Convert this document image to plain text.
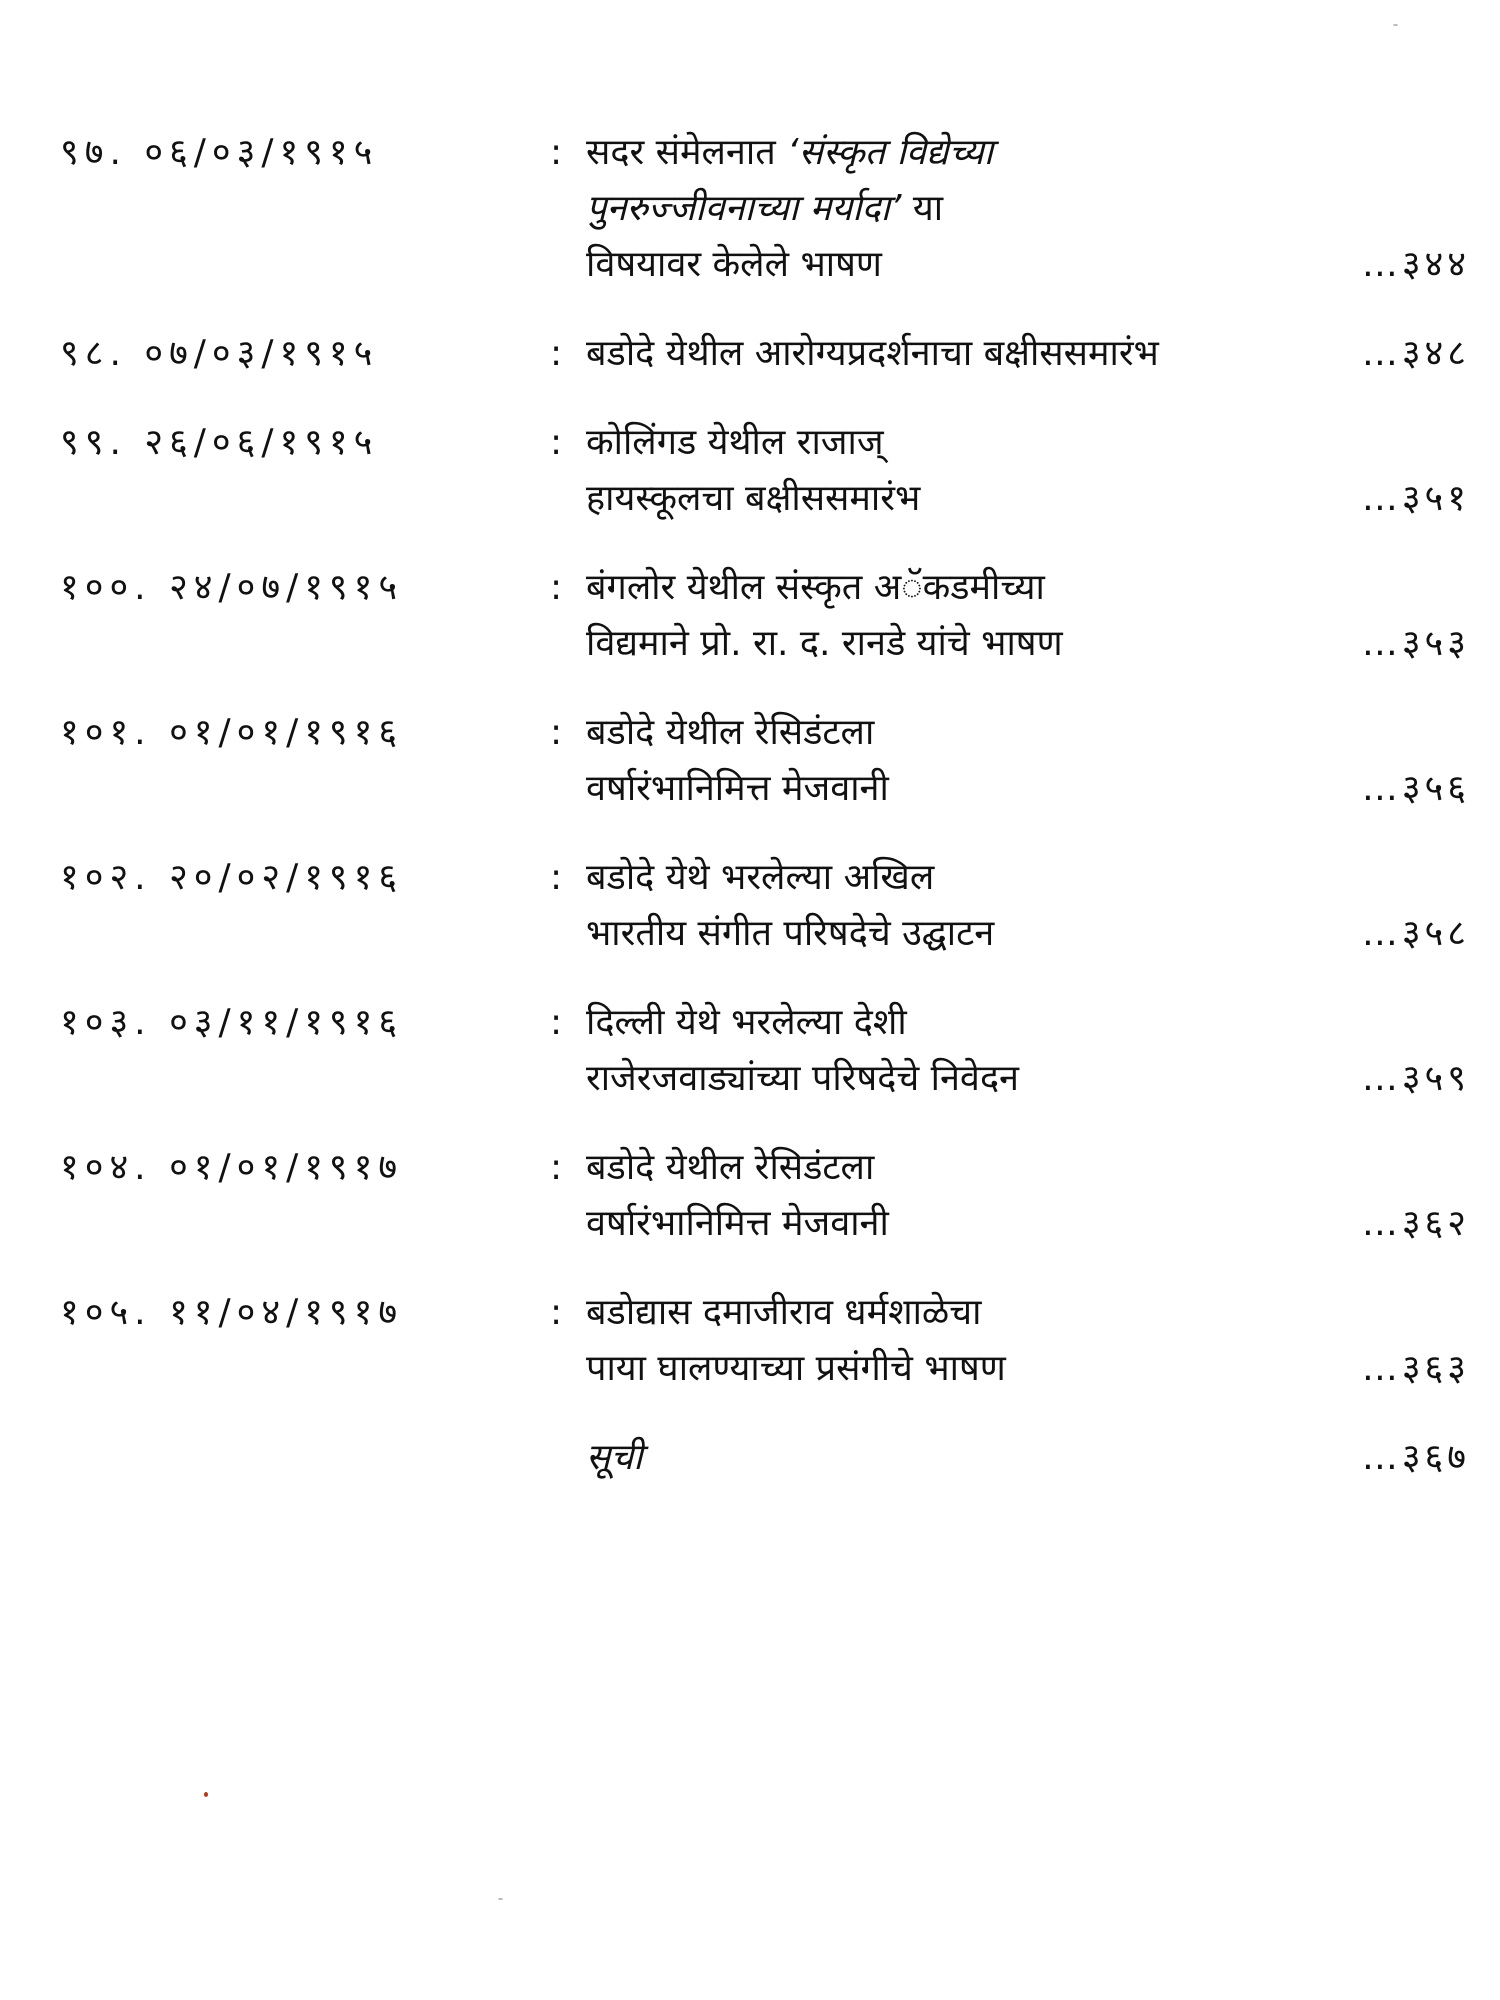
९७. ०६/०३/१९१५	: सदर संमेलनात ‘संस्कृत विद्येच्या
पुनरुज्जीवनाच्या मर्यादा’ या
विषयावर केलेले भाषण	…३४४
९८. ०७/०३/१९१५	: बडोदे येथील आरोग्यप्रदर्शनाचा बक्षीससमारंभ	…३४८
९९. २६/०६/१९१५	: कोलिंगड येथील राजाज्
हायस्कूलचा बक्षीससमारंभ	…३५१
१००. २४/०७/१९१५	: बंगलोर येथील संस्कृत अॅकडमीच्या
विद्यमाने प्रो. रा. द. रानडे यांचे भाषण	…३५३
१०१. ०१/०१/१९१६	: बडोदे येथील रेसिडंटला
वर्षारंभानिमित्त मेजवानी	…३५६
१०२. २०/०२/१९१६	: बडोदे येथे भरलेल्या अखिल
भारतीय संगीत परिषदेचे उद्घाटन	…३५८
१०३. ०३/११/१९१६	: दिल्ली येथे भरलेल्या देशी
राजेरजवाड्यांच्या परिषदेचे निवेदन	…३५९
१०४. ०१/०१/१९१७	: बडोदे येथील रेसिडंटला
वर्षारंभानिमित्त मेजवानी	…३६२
१०५. ११/०४/१९१७	: बडोद्यास दमाजीराव धर्मशाळेचा
पाया घालण्याच्या प्रसंगीचे भाषण	…३६३
सूची	…३६७
